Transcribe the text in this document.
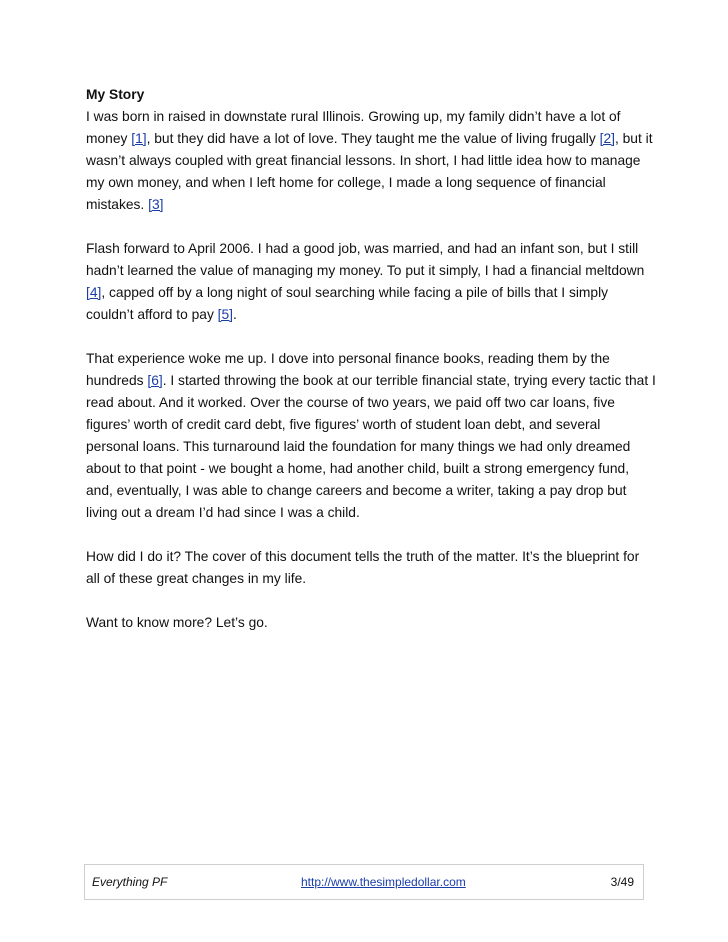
My Story

I was born in raised in downstate rural Illinois. Growing up, my family didn’t have a lot of money [1], but they did have a lot of love. They taught me the value of living frugally [2], but it wasn’t always coupled with great financial lessons. In short, I had little idea how to manage my own money, and when I left home for college, I made a long sequence of financial mistakes. [3]

Flash forward to April 2006. I had a good job, was married, and had an infant son, but I still hadn’t learned the value of managing my money. To put it simply, I had a financial meltdown [4], capped off by a long night of soul searching while facing a pile of bills that I simply couldn’t afford to pay [5].

That experience woke me up. I dove into personal finance books, reading them by the hundreds [6]. I started throwing the book at our terrible financial state, trying every tactic that I read about. And it worked. Over the course of two years, we paid off two car loans, five figures’ worth of credit card debt, five figures’ worth of student loan debt, and several personal loans. This turnaround laid the foundation for many things we had only dreamed about to that point - we bought a home, had another child, built a strong emergency fund, and, eventually, I was able to change careers and become a writer, taking a pay drop but living out a dream I’d had since I was a child.

How did I do it? The cover of this document tells the truth of the matter. It’s the blueprint for all of these great changes in my life.

Want to know more? Let’s go.

Everything PF	http://www.thesimpledollar.com	3/49
